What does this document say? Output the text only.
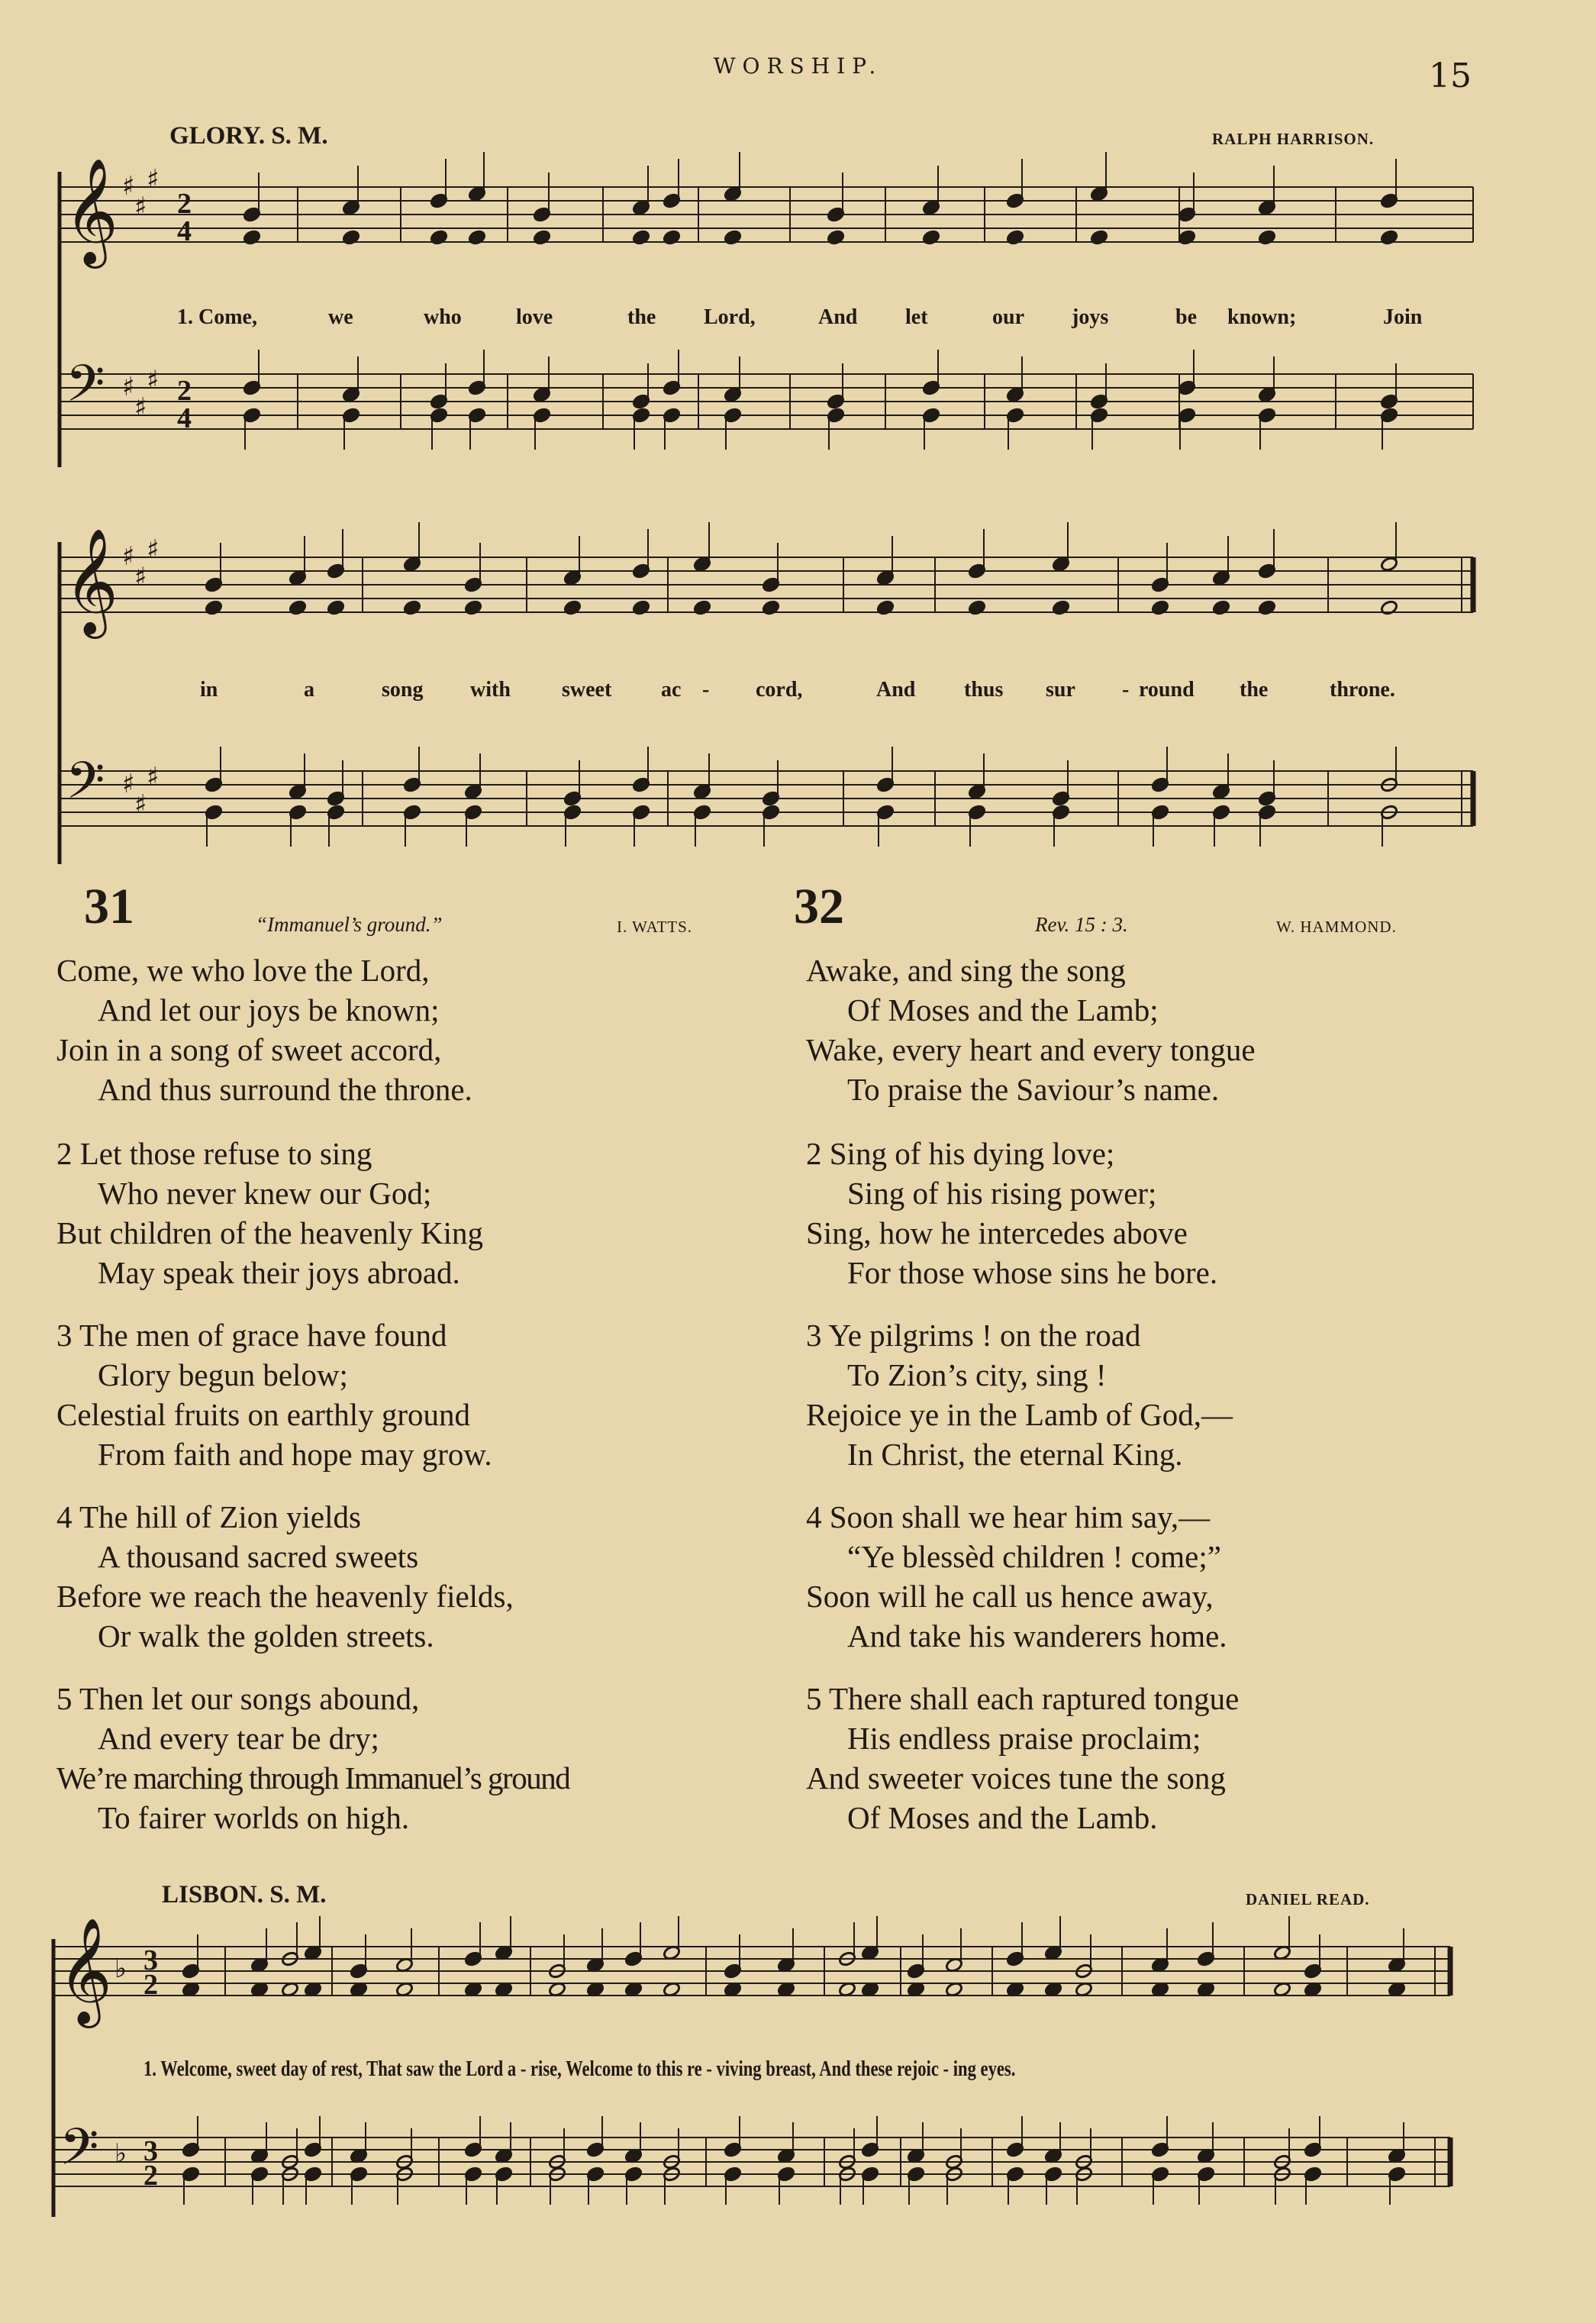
WORSHIP.	15
GLORY. S. M.	RALPH HARRISON.
𝄞
𝄢
♯
♯
♯
♯
♯
♯
2
4
2
4
1. Come,	we	who	love	the Lord,	And let	our joys	be known;	Join
𝄞
𝄢
♯
♯
♯
♯
♯
♯
in	a	song with sweet ac - cord,	And thus sur - round the	throne.
31	“Immanuel’s ground.”	I. WATTS. 32	Rev. 15 : 3.	W. HAMMOND.
Come, we who love the Lord,
And let our joys be known;
Join in a song of sweet accord,
And thus surround the throne.
2 Let those refuse to sing
Who never knew our God;
But children of the heavenly King
May speak their joys abroad.
3 The men of grace have found
Glory begun below;
Celestial fruits on earthly ground
From faith and hope may grow.
4 The hill of Zion yields
A thousand sacred sweets
Before we reach the heavenly fields,
Or walk the golden streets.
5 Then let our songs abound,
And every tear be dry;
We’re marching through Immanuel’s ground
To fairer worlds on high.
Awake, and sing the song
Of Moses and the Lamb;
Wake, every heart and every tongue
To praise the Saviour’s name.
2 Sing of his dying love;
Sing of his rising power;
Sing, how he intercedes above
For those whose sins he bore.
3 Ye pilgrims ! on the road
To Zion’s city, sing !
Rejoice ye in the Lamb of God,—
In Christ, the eternal King.
4 Soon shall we hear him say,—
“Ye blessèd children ! come;”
Soon will he call us hence away,
And take his wanderers home.
5 There shall each raptured tongue
His endless praise proclaim;
And sweeter voices tune the song
Of Moses and the Lamb.
LISBON. S. M.	DANIEL READ.
𝄞
𝄢
♭
♭
3
2
3
2
1. Welcome, sweet day of rest, That saw the Lord a - rise, Welcome to this re - viving breast, And these rejoic - ing eyes.
